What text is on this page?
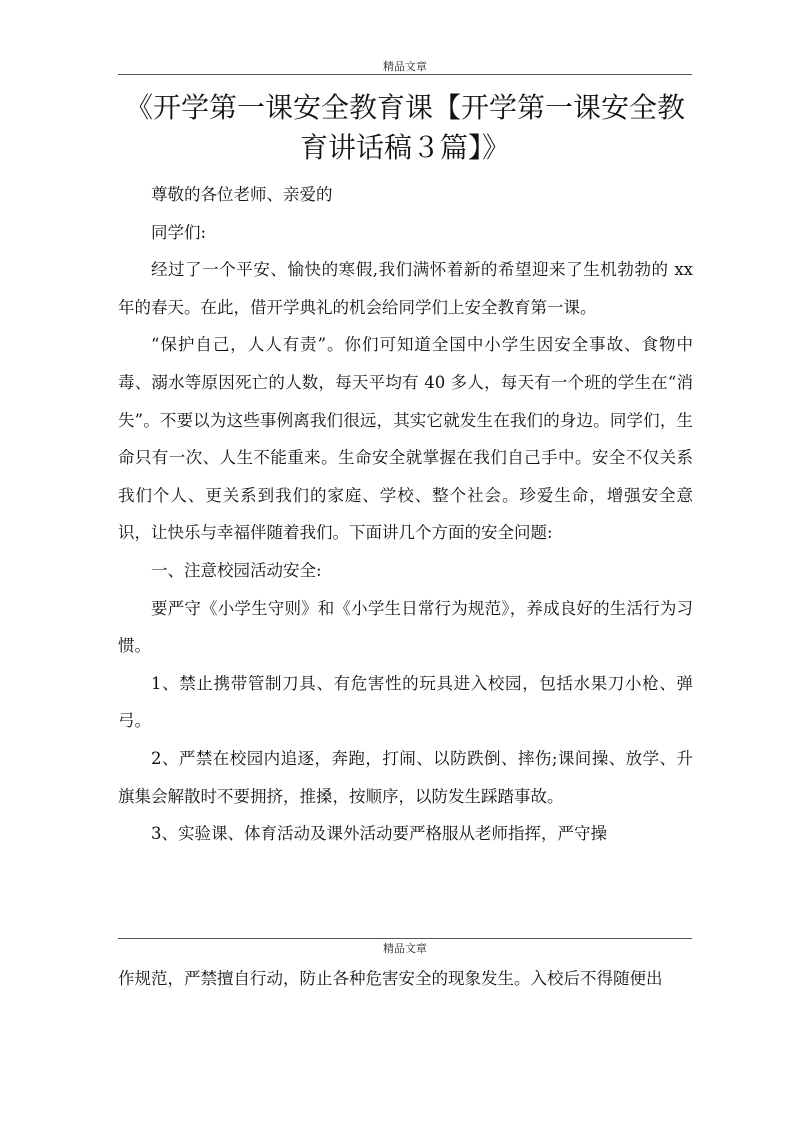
精品文章
《开学第一课安全教育课【开学第一课安全教
育讲话稿３篇】》

尊敬的各位老师、亲爱的

同学们:

经过了一个平安、愉快的寒假,我们满怀着新的希望迎来了生机勃勃的 xx 年的春天。在此，借开学典礼的机会给同学们上安全教育第一课。

“保护自己，人人有责”。你们可知道全国中小学生因安全事故、食物中毒、溺水等原因死亡的人数，每天平均有 40 多人，每天有一个班的学生在“消失”。不要以为这些事例离我们很远，其实它就发生在我们的身边。同学们，生命只有一次、人生不能重来。生命安全就掌握在我们自己手中。安全不仅关系我们个人、更关系到我们的家庭、学校、整个社会。珍爱生命，增强安全意识，让快乐与幸福伴随着我们。下面讲几个方面的安全问题:

一、注意校园活动安全:

要严守《小学生守则》和《小学生日常行为规范》，养成良好的生活行为习惯。

1、禁止携带管制刀具、有危害性的玩具进入校园，包括水果刀小枪、弹弓。

2、严禁在校园内追逐，奔跑，打闹、以防跌倒、摔伤;课间操、放学、升旗集会解散时不要拥挤，推搡，按顺序，以防发生踩踏事故。

3、实验课、体育活动及课外活动要严格服从老师指挥，严守操

精品文章
作规范，严禁擅自行动，防止各种危害安全的现象发生。入校后不得随便出
